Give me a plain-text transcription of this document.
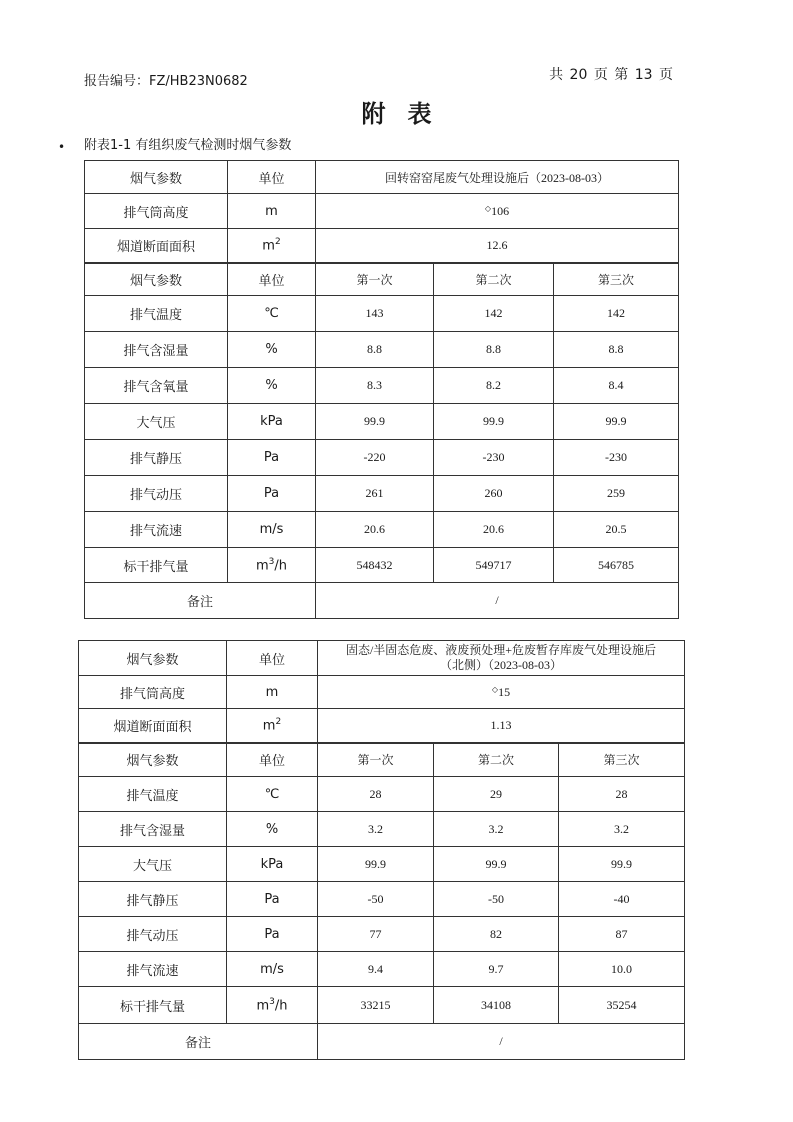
报告编号：FZ/HB23N0682	共 20 页 第 13 页
附表
• 附表1-1 有组织废气检测时烟气参数
烟气参数	单位	回转窑窑尾废气处理设施后（2023-08-03）		
排气筒高度	m	◇106		
烟道断面面积	$m^2$	12.6		
烟气参数	单位	第一次	第二次	第三次
排气温度	℃	143	142	142
排气含湿量	%	8.8	8.8	8.8
排气含氧量	%	8.3	8.2	8.4
大气压	kPa	99.9	99.9	99.9
排气静压	Pa	-220	-230	-230
排气动压	Pa	261	260	259
排气流速	m/s	20.6	20.6	20.5
标干排气量	$m^3/h$	548432	549717	546785
备注		/		
烟气参数	单位	固态/半固态危废、液废预处理+危废暂存库废气处理设施后
（北侧）（2023-08-03）		

排气筒高度	m	◇15		
烟道断面面积	$m^2$	1.13		
烟气参数	单位	第一次	第二次	第三次
排气温度	℃	28	29	28
排气含湿量	%	3.2	3.2	3.2
大气压	kPa	99.9	99.9	99.9
排气静压	Pa	-50	-50	-40
排气动压	Pa	77	82	87
排气流速	m/s	9.4	9.7	10.0
标干排气量	$m^3/h$	33215	34108	35254
备注		/		
